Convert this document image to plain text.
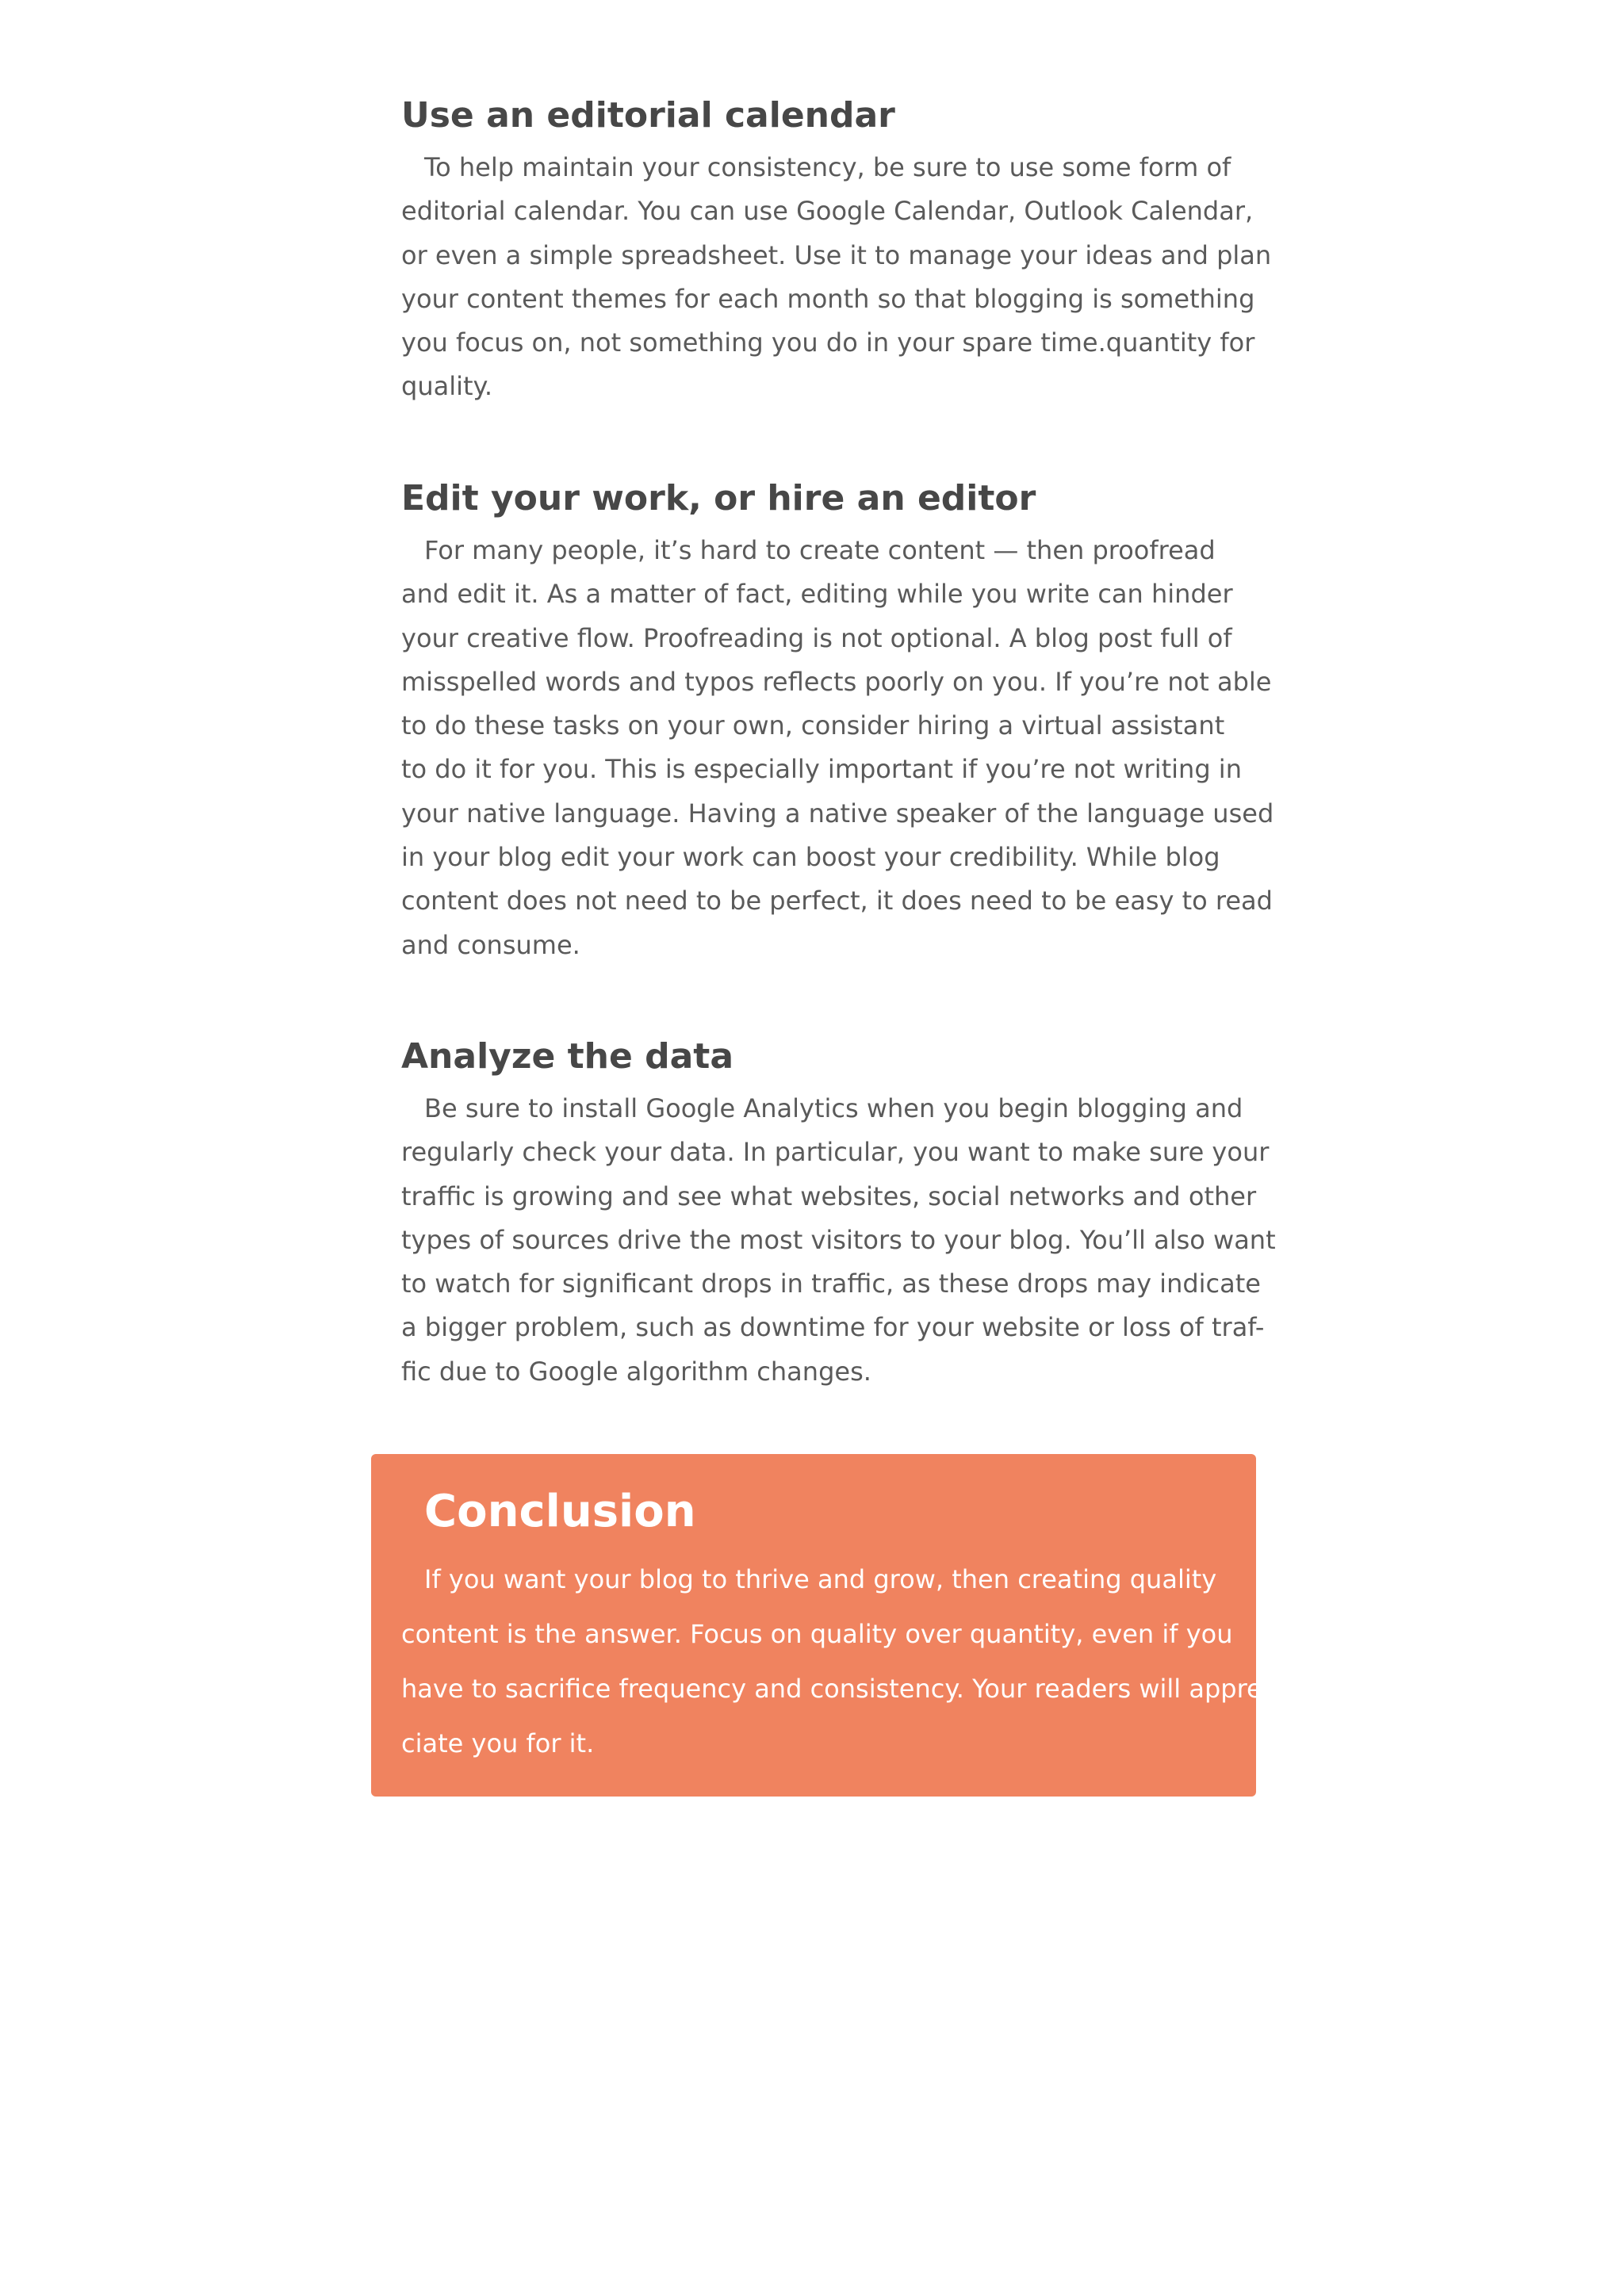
Use an editorial calendar

To help maintain your consistency, be sure to use some form of
editorial calendar. You can use Google Calendar, Outlook Calendar,
or even a simple spreadsheet. Use it to manage your ideas and plan
your content themes for each month so that blogging is something
you focus on, not something you do in your spare time.quantity for
quality.

Edit your work, or hire an editor

For many people, it’s hard to create content — then proofread
and edit it. As a matter of fact, editing while you write can hinder
your creative flow. Proofreading is not optional. A blog post full of
misspelled words and typos reflects poorly on you. If you’re not able
to do these tasks on your own, consider hiring a virtual assistant
to do it for you. This is especially important if you’re not writing in
your native language. Having a native speaker of the language used
in your blog edit your work can boost your credibility. While blog
content does not need to be perfect, it does need to be easy to read
and consume.

Analyze the data

Be sure to install Google Analytics when you begin blogging and
regularly check your data. In particular, you want to make sure your
traffic is growing and see what websites, social networks and other
types of sources drive the most visitors to your blog. You’ll also want
to watch for significant drops in traffic, as these drops may indicate
a bigger problem, such as downtime for your website or loss of traf-
fic due to Google algorithm changes.

Conclusion

If you want your blog to thrive and grow, then creating quality
content is the answer. Focus on quality over quantity, even if you
have to sacrifice frequency and consistency. Your readers will appre-
ciate you for it.
